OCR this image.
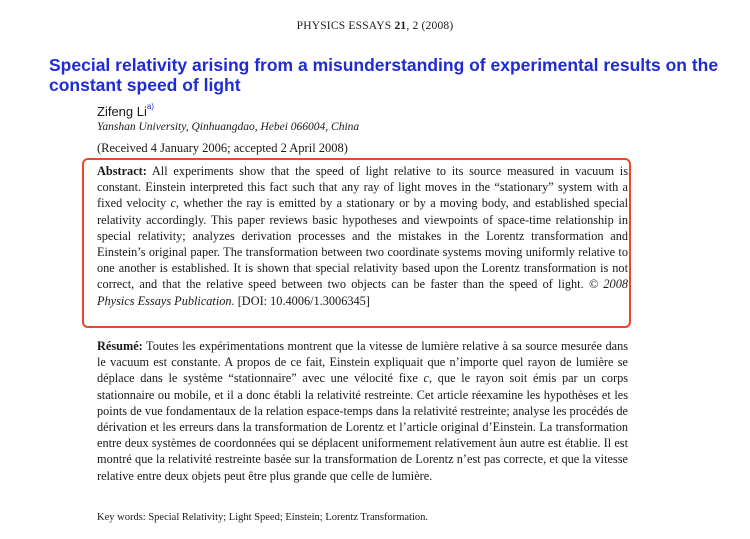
PHYSICS ESSAYS 21, 2 (2008)
Special relativity arising from a misunderstanding of experimental results on the constant speed of light
Zifeng Li$^{a)}$
Yanshan University, Qinhuangdao, Hebei 066004, China
(Received 4 January 2006; accepted 2 April 2008)
Abstract: All experiments show that the speed of light relative to its source measured in vacuum is constant. Einstein interpreted this fact such that any ray of light moves in the “stationary” system with a fixed velocity c, whether the ray is emitted by a stationary or by a moving body, and established special relativity accordingly. This paper reviews basic hypotheses and viewpoints of space-time relationship in special relativity; analyzes derivation processes and the mistakes in the Lorentz transformation and Einstein’s original paper. The transformation between two coordinate systems moving uniformly relative to one another is established. It is shown that special relativity based upon the Lorentz transformation is not correct, and that the relative speed between two objects can be faster than the speed of light. © 2008 Physics Essays Publication. [DOI: 10.4006/1.3006345]
Résumé: Toutes les expérimentations montrent que la vitesse de lumière relative à sa source mesurée dans le vacuum est constante. A propos de ce fait, Einstein expliquait que n’importe quel rayon de lumière se déplace dans le système “stationnaire” avec une vélocité fixe c, que le rayon soit émis par un corps stationnaire ou mobile, et il a donc établi la relativité restreinte. Cet article réexamine les hypothèses et les points de vue fondamentaux de la relation espace-temps dans la relativité restreinte; analyse les procédés de dérivation et les erreurs dans la transformation de Lorentz et l’article original d’Einstein. La transformation entre deux systèmes de coordonnées qui se déplacent uniformement relativement àun autre est établie. Il est montré que la relativité restreinte basée sur la transformation de Lorentz n’est pas correcte, et que la vitesse relative entre deux objets peut être plus grande que celle de lumière.
Key words: Special Relativity; Light Speed; Einstein; Lorentz Transformation.
